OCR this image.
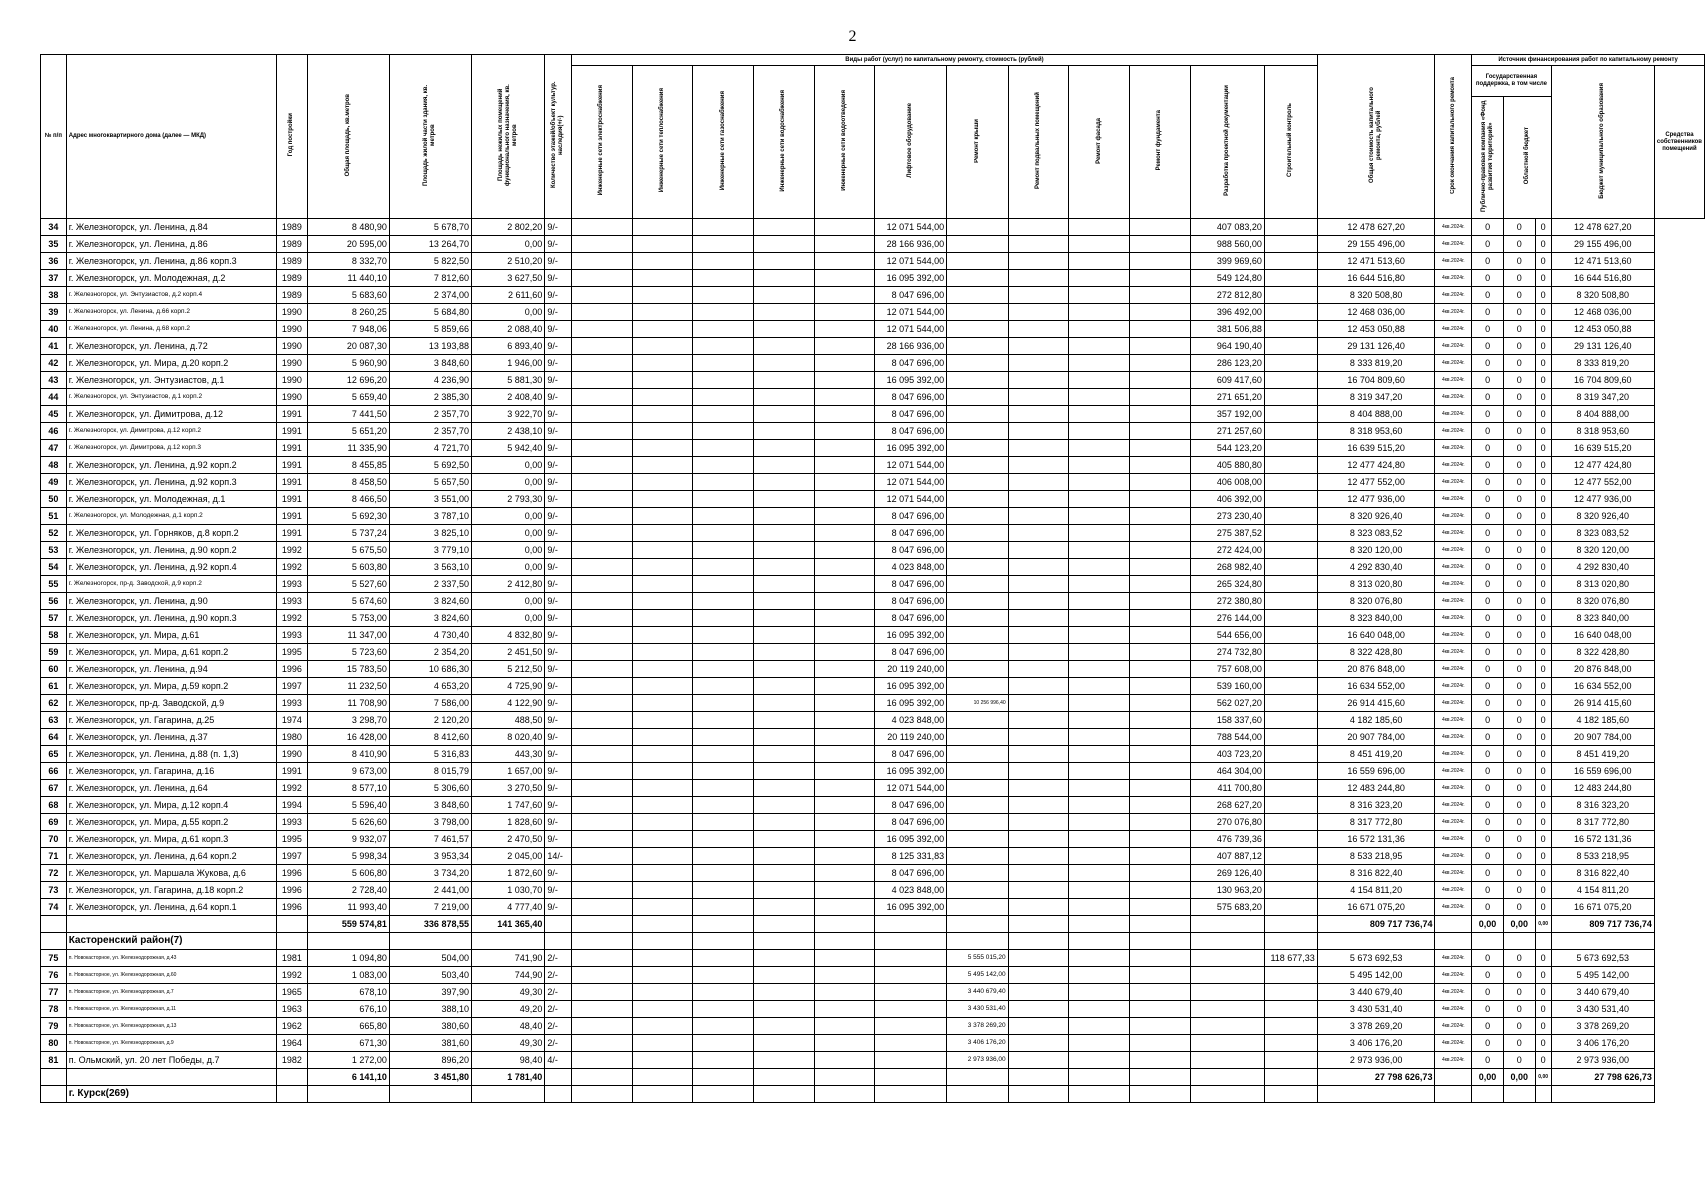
2
№ п/п	Адрес многоквартирного дома (далее — МКД)	Год постройки	Общая площадь, кв.метров	Площадь жилой части здания, кв. метров	Площадь нежилых помещений функционального назначения, кв. метров	Количество этажей/объект культур. наследия(+/-)	Виды работ (услуг) по капитальному ремонту, стоимость (рублей)												Общая стоимость капитального ремонта, рублей	Срок окончания капитального ремонта	Источник финансирования работ по капитальному ремонту				
							Инженерные сети электроснабжения	Инженерные сети теплоснабжения	Инженерные сети газоснабжения	Инженерные сети водоснабжения	Инженерные сети водоотведения	Лифтовое оборудование	Ремонт крыши	Ремонт подвальных помещений	Ремонт фасада	Ремонт фундамента	Разработка проектной документации	Строительный контроль			Государственная поддержка, в том числе			Бюджет муниципального образования	Средства собственников помещений
																					Публично-правовая компания «Фонд развития территорий»	Областной бюджет			
34	г. Железногорск, ул. Ленина, д.84	1989	8 480,90	5 678,70	2 802,20	9/-						12 071 544,00					407 083,20		12 478 627,20	4кв.2024г.	0	0	0	12 478 627,20	
35	г. Железногорск, ул. Ленина, д.86	1989	20 595,00	13 264,70	0,00	9/-						28 166 936,00					988 560,00		29 155 496,00	4кв.2024г.	0	0	0	29 155 496,00	
36	г. Железногорск, ул. Ленина, д.86 корп.3	1989	8 332,70	5 822,50	2 510,20	9/-						12 071 544,00					399 969,60		12 471 513,60	4кв.2024г.	0	0	0	12 471 513,60	
37	г. Железногорск, ул. Молодежная, д.2	1989	11 440,10	7 812,60	3 627,50	9/-						16 095 392,00					549 124,80		16 644 516,80	4кв.2024г.	0	0	0	16 644 516,80	
38	г. Железногорск, ул. Энтузиастов, д.2 корп.4	1989	5 683,60	2 374,00	2 611,60	9/-						8 047 696,00					272 812,80		8 320 508,80	4кв.2024г.	0	0	0	8 320 508,80	
39	г. Железногорск, ул. Ленина, д.66 корп.2	1990	8 260,25	5 684,80	0,00	9/-						12 071 544,00					396 492,00		12 468 036,00	4кв.2024г.	0	0	0	12 468 036,00	
40	г. Железногорск, ул. Ленина, д.68 корп.2	1990	7 948,06	5 859,66	2 088,40	9/-						12 071 544,00					381 506,88		12 453 050,88	4кв.2024г.	0	0	0	12 453 050,88	
41	г. Железногорск, ул. Ленина, д.72	1990	20 087,30	13 193,88	6 893,40	9/-						28 166 936,00					964 190,40		29 131 126,40	4кв.2024г.	0	0	0	29 131 126,40	
42	г. Железногорск, ул. Мира, д.20 корп.2	1990	5 960,90	3 848,60	1 946,00	9/-						8 047 696,00					286 123,20		8 333 819,20	4кв.2024г.	0	0	0	8 333 819,20	
43	г. Железногорск, ул. Энтузиастов, д.1	1990	12 696,20	4 236,90	5 881,30	9/-						16 095 392,00					609 417,60		16 704 809,60	4кв.2024г.	0	0	0	16 704 809,60	
44	г. Железногорск, ул. Энтузиастов, д.1 корп.2	1990	5 659,40	2 385,30	2 408,40	9/-						8 047 696,00					271 651,20		8 319 347,20	4кв.2024г.	0	0	0	8 319 347,20	
45	г. Железногорск, ул. Димитрова, д.12	1991	7 441,50	2 357,70	3 922,70	9/-						8 047 696,00					357 192,00		8 404 888,00	4кв.2024г.	0	0	0	8 404 888,00	
46	г. Железногорск, ул. Димитрова, д.12 корп.2	1991	5 651,20	2 357,70	2 438,10	9/-						8 047 696,00					271 257,60		8 318 953,60	4кв.2024г.	0	0	0	8 318 953,60	
47	г. Железногорск, ул. Димитрова, д.12 корп.3	1991	11 335,90	4 721,70	5 942,40	9/-						16 095 392,00					544 123,20		16 639 515,20	4кв.2024г.	0	0	0	16 639 515,20	
48	г. Железногорск, ул. Ленина, д.92 корп.2	1991	8 455,85	5 692,50	0,00	9/-						12 071 544,00					405 880,80		12 477 424,80	4кв.2024г.	0	0	0	12 477 424,80	
49	г. Железногорск, ул. Ленина, д.92 корп.3	1991	8 458,50	5 657,50	0,00	9/-						12 071 544,00					406 008,00		12 477 552,00	4кв.2024г.	0	0	0	12 477 552,00	
50	г. Железногорск, ул. Молодежная, д.1	1991	8 466,50	3 551,00	2 793,30	9/-						12 071 544,00					406 392,00		12 477 936,00	4кв.2024г.	0	0	0	12 477 936,00	
51	г. Железногорск, ул. Молодежная, д.1 корп.2	1991	5 692,30	3 787,10	0,00	9/-						8 047 696,00					273 230,40		8 320 926,40	4кв.2024г.	0	0	0	8 320 926,40	
52	г. Железногорск, ул. Горняков, д.8 корп.2	1991	5 737,24	3 825,10	0,00	9/-						8 047 696,00					275 387,52		8 323 083,52	4кв.2024г.	0	0	0	8 323 083,52	
53	г. Железногорск, ул. Ленина, д.90 корп.2	1992	5 675,50	3 779,10	0,00	9/-						8 047 696,00					272 424,00		8 320 120,00	4кв.2024г.	0	0	0	8 320 120,00	
54	г. Железногорск, ул. Ленина, д.92 корп.4	1992	5 603,80	3 563,10	0,00	9/-						4 023 848,00					268 982,40		4 292 830,40	4кв.2024г.	0	0	0	4 292 830,40	
55	г. Железногорск, пр-д. Заводской, д.9 корп.2	1993	5 527,60	2 337,50	2 412,80	9/-						8 047 696,00					265 324,80		8 313 020,80	4кв.2024г.	0	0	0	8 313 020,80	
56	г. Железногорск, ул. Ленина, д.90	1993	5 674,60	3 824,60	0,00	9/-						8 047 696,00					272 380,80		8 320 076,80	4кв.2024г.	0	0	0	8 320 076,80	
57	г. Железногорск, ул. Ленина, д.90 корп.3	1992	5 753,00	3 824,60	0,00	9/-						8 047 696,00					276 144,00		8 323 840,00	4кв.2024г.	0	0	0	8 323 840,00	
58	г. Железногорск, ул. Мира, д.61	1993	11 347,00	4 730,40	4 832,80	9/-						16 095 392,00					544 656,00		16 640 048,00	4кв.2024г.	0	0	0	16 640 048,00	
59	г. Железногорск, ул. Мира, д.61 корп.2	1995	5 723,60	2 354,20	2 451,50	9/-						8 047 696,00					274 732,80		8 322 428,80	4кв.2024г.	0	0	0	8 322 428,80	
60	г. Железногорск, ул. Ленина, д.94	1996	15 783,50	10 686,30	5 212,50	9/-						20 119 240,00					757 608,00		20 876 848,00	4кв.2024г.	0	0	0	20 876 848,00	
61	г. Железногорск, ул. Мира, д.59 корп.2	1997	11 232,50	4 653,20	4 725,90	9/-						16 095 392,00					539 160,00		16 634 552,00	4кв.2024г.	0	0	0	16 634 552,00	
62	г. Железногорск, пр-д. Заводской, д.9	1993	11 708,90	7 586,00	4 122,90	9/-						16 095 392,00	10 256 996,40				562 027,20		26 914 415,60	4кв.2024г.	0	0	0	26 914 415,60	
63	г. Железногорск, ул. Гагарина, д.25	1974	3 298,70	2 120,20	488,50	9/-						4 023 848,00					158 337,60		4 182 185,60	4кв.2024г.	0	0	0	4 182 185,60	
64	г. Железногорск, ул. Ленина, д.37	1980	16 428,00	8 412,60	8 020,40	9/-						20 119 240,00					788 544,00		20 907 784,00	4кв.2024г.	0	0	0	20 907 784,00	
65	г. Железногорск, ул. Ленина, д.88 (п. 1,3)	1990	8 410,90	5 316,83	443,30	9/-						8 047 696,00					403 723,20		8 451 419,20	4кв.2024г.	0	0	0	8 451 419,20	
66	г. Железногорск, ул. Гагарина, д.16	1991	9 673,00	8 015,79	1 657,00	9/-						16 095 392,00					464 304,00		16 559 696,00	4кв.2024г.	0	0	0	16 559 696,00	
67	г. Железногорск, ул. Ленина, д.64	1992	8 577,10	5 306,60	3 270,50	9/-						12 071 544,00					411 700,80		12 483 244,80	4кв.2024г.	0	0	0	12 483 244,80	
68	г. Железногорск, ул. Мира, д.12 корп.4	1994	5 596,40	3 848,60	1 747,60	9/-						8 047 696,00					268 627,20		8 316 323,20	4кв.2024г.	0	0	0	8 316 323,20	
69	г. Железногорск, ул. Мира, д.55 корп.2	1993	5 626,60	3 798,00	1 828,60	9/-						8 047 696,00					270 076,80		8 317 772,80	4кв.2024г.	0	0	0	8 317 772,80	
70	г. Железногорск, ул. Мира, д.61 корп.3	1995	9 932,07	7 461,57	2 470,50	9/-						16 095 392,00					476 739,36		16 572 131,36	4кв.2024г.	0	0	0	16 572 131,36	
71	г. Железногорск, ул. Ленина, д.64 корп.2	1997	5 998,34	3 953,34	2 045,00	14/-						8 125 331,83					407 887,12		8 533 218,95	4кв.2024г.	0	0	0	8 533 218,95	
72	г. Железногорск, ул. Маршала Жукова, д.6	1996	5 606,80	3 734,20	1 872,60	9/-						8 047 696,00					269 126,40		8 316 822,40	4кв.2024г.	0	0	0	8 316 822,40	
73	г. Железногорск, ул. Гагарина, д.18 корп.2	1996	2 728,40	2 441,00	1 030,70	9/-						4 023 848,00					130 963,20		4 154 811,20	4кв.2024г.	0	0	0	4 154 811,20	
74	г. Железногорск, ул. Ленина, д.64 корп.1	1996	11 993,40	7 219,00	4 777,40	9/-						16 095 392,00					575 683,20		16 671 075,20	4кв.2024г.	0	0	0	16 671 075,20	
			559 574,81	336 878,55	141 365,40														809 717 736,74		0,00	0,00	0,00	809 717 736,74	
	Касторенский район(7)																								
75	п. Новокасторное, ул. Железнодорожная, д.43	1981	1 094,80	504,00	741,90	2/-							5 555 015,20					118 677,33	5 673 692,53	4кв.2024г.	0	0	0	5 673 692,53	
76	п. Новокасторное, ул. Железнодорожная, д.60	1992	1 083,00	503,40	744,90	2/-							5 495 142,00						5 495 142,00	4кв.2024г.	0	0	0	5 495 142,00	
77	п. Новокасторное, ул. Железнодорожная, д.7	1965	678,10	397,90	49,30	2/-							3 440 679,40						3 440 679,40	4кв.2024г.	0	0	0	3 440 679,40	
78	п. Новокасторное, ул. Железнодорожная, д.11	1963	676,10	388,10	49,20	2/-							3 430 531,40						3 430 531,40	4кв.2024г.	0	0	0	3 430 531,40	
79	п. Новокасторное, ул. Железнодорожная, д.13	1962	665,80	380,60	48,40	2/-							3 378 269,20						3 378 269,20	4кв.2024г.	0	0	0	3 378 269,20	
80	п. Новокасторное, ул. Железнодорожная, д.9	1964	671,30	381,60	49,30	2/-							3 406 176,20						3 406 176,20	4кв.2024г.	0	0	0	3 406 176,20	
81	п. Ольмский, ул. 20 лет Победы, д.7	1982	1 272,00	896,20	98,40	4/-							2 973 936,00						2 973 936,00	4кв.2024г.	0	0	0	2 973 936,00	
			6 141,10	3 451,80	1 781,40														27 798 626,73		0,00	0,00	0,00	27 798 626,73	
	г. Курск(269)																								
